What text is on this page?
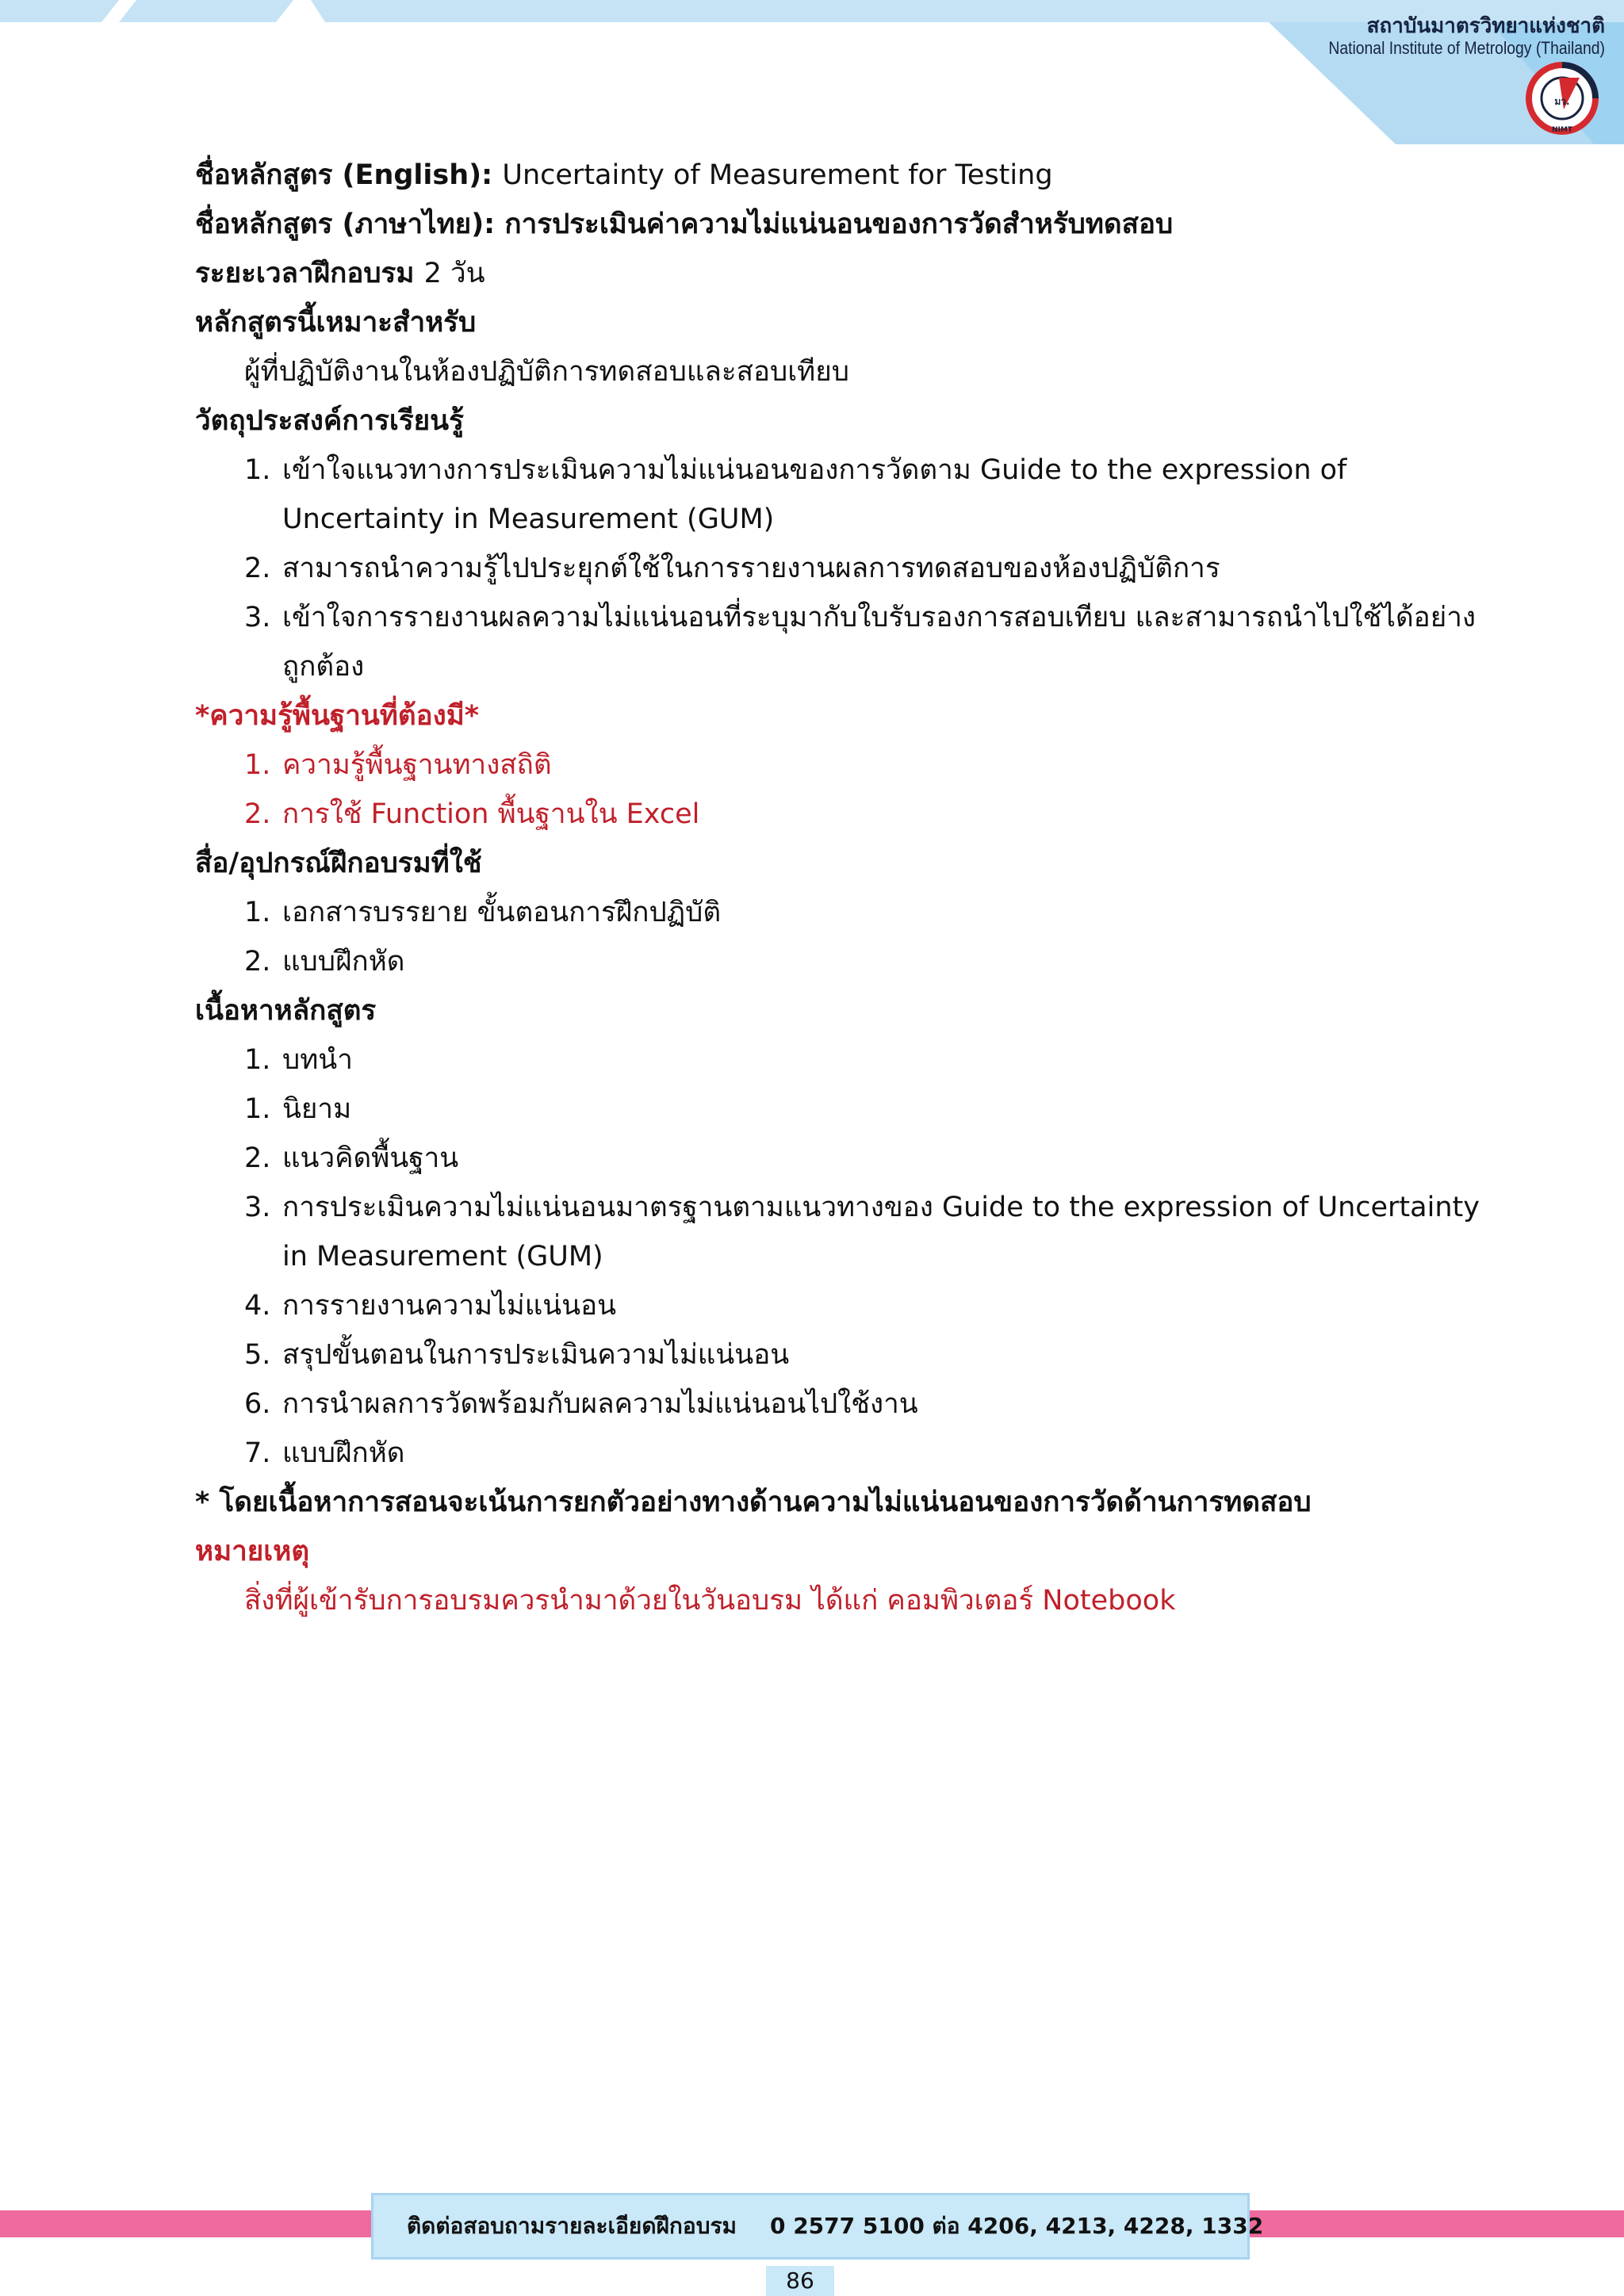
สถาบันมาตรวิทยาแห่งชาติ
National Institute of Metrology (Thailand)
มว.
NIMT
ชื่อหลักสูตร (English): Uncertainty of Measurement for Testing
ชื่อหลักสูตร (ภาษาไทย): การประเมินค่าความไม่แน่นอนของการวัดสำหรับทดสอบ
ระยะเวลาฝึกอบรม 2 วัน
หลักสูตรนี้เหมาะสำหรับ
ผู้ที่ปฏิบัติงานในห้องปฏิบัติการทดสอบและสอบเทียบ
วัตถุประสงค์การเรียนรู้
1. เข้าใจแนวทางการประเมินความไม่แน่นอนของการวัดตาม Guide to the expression of
Uncertainty in Measurement (GUM)
2. สามารถนำความรู้ไปประยุกต์ใช้ในการรายงานผลการทดสอบของห้องปฏิบัติการ
3. เข้าใจการรายงานผลความไม่แน่นอนที่ระบุมากับใบรับรองการสอบเทียบ และสามารถนำไปใช้ได้อย่าง
ถูกต้อง
*ความรู้พื้นฐานที่ต้องมี*
1. ความรู้พื้นฐานทางสถิติ
2. การใช้ Function พื้นฐานใน Excel
สื่อ/อุปกรณ์ฝึกอบรมที่ใช้
1. เอกสารบรรยาย ขั้นตอนการฝึกปฏิบัติ
2. แบบฝึกหัด
เนื้อหาหลักสูตร
1. บทนำ
1. นิยาม
2. แนวคิดพื้นฐาน
3. การประเมินความไม่แน่นอนมาตรฐานตามแนวทางของ Guide to the expression of Uncertainty
in Measurement (GUM)
4. การรายงานความไม่แน่นอน
5. สรุปขั้นตอนในการประเมินความไม่แน่นอน
6. การนำผลการวัดพร้อมกับผลความไม่แน่นอนไปใช้งาน
7. แบบฝึกหัด
* โดยเนื้อหาการสอนจะเน้นการยกตัวอย่างทางด้านความไม่แน่นอนของการวัดด้านการทดสอบ
หมายเหตุ
สิ่งที่ผู้เข้ารับการอบรมควรนำมาด้วยในวันอบรม ได้แก่ คอมพิวเตอร์ Notebook
ติดต่อสอบถามรายละเอียดฝึกอบรม 0 2577 5100 ต่อ 4206, 4213, 4228, 1332
86
